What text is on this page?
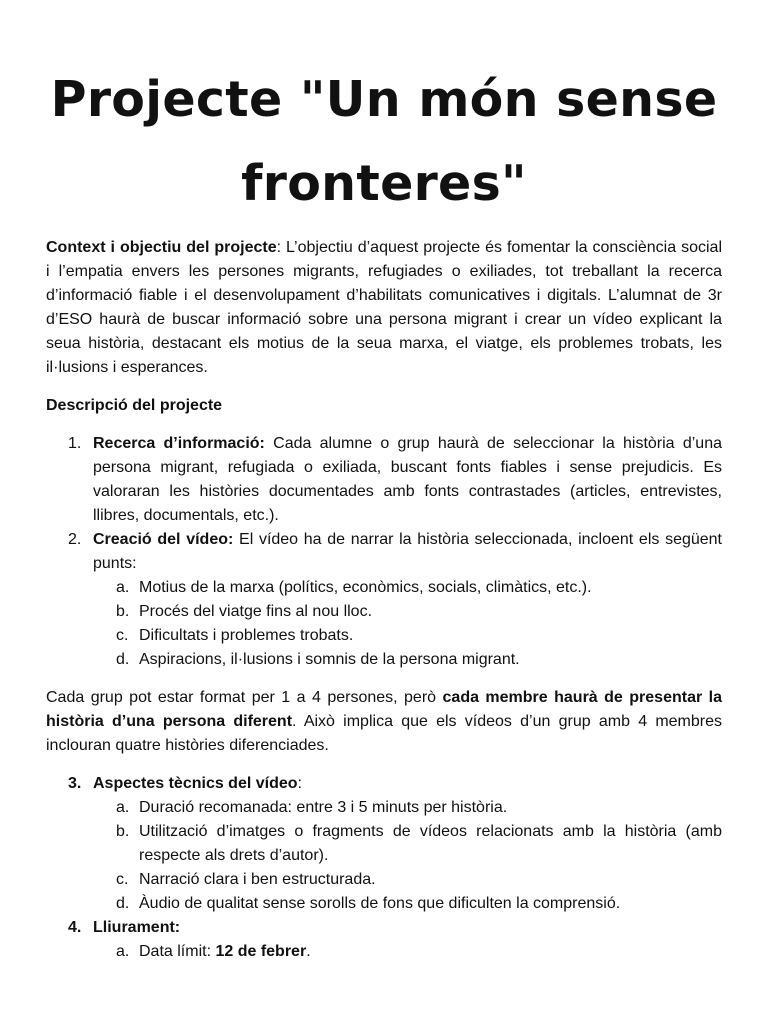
Projecte "Un món sense fronteres"

Context i objectiu del projecte: L’objectiu d’aquest projecte és fomentar la consciència social i l’empatia envers les persones migrants, refugiades o exiliades, tot treballant la recerca d’informació fiable i el desenvolupament d’habilitats comunicatives i digitals. L’alumnat de 3r d’ESO haurà de buscar informació sobre una persona migrant i crear un vídeo explicant la seua història, destacant els motius de la seua marxa, el viatge, els problemes trobats, les il·lusions i esperances.

Descripció del projecte
1. Recerca d’informació: Cada alumne o grup haurà de seleccionar la història d’una persona migrant, refugiada o exiliada, buscant fonts fiables i sense prejudicis. Es valoraran les històries documentades amb fonts contrastades (articles, entrevistes, llibres, documentals, etc.).
2. Creació del vídeo: El vídeo ha de narrar la història seleccionada, incloent els següent punts:
a. Motius de la marxa (polítics, econòmics, socials, climàtics, etc.).
b. Procés del viatge fins al nou lloc.
c. Dificultats i problemes trobats.
d. Aspiracions, il·lusions i somnis de la persona migrant.

Cada grup pot estar format per 1 a 4 persones, però cada membre haurà de presentar la història d’una persona diferent. Això implica que els vídeos d’un grup amb 4 membres inclouran quatre històries diferenciades.

3. Aspectes tècnics del vídeo:
a. Duració recomanada: entre 3 i 5 minuts per història.
b. Utilització d’imatges o fragments de vídeos relacionats amb la història (amb respecte als drets d’autor).
c. Narració clara i ben estructurada.
d. Àudio de qualitat sense sorolls de fons que dificulten la comprensió.
4. Lliurament:
a. Data límit: 12 de febrer.
